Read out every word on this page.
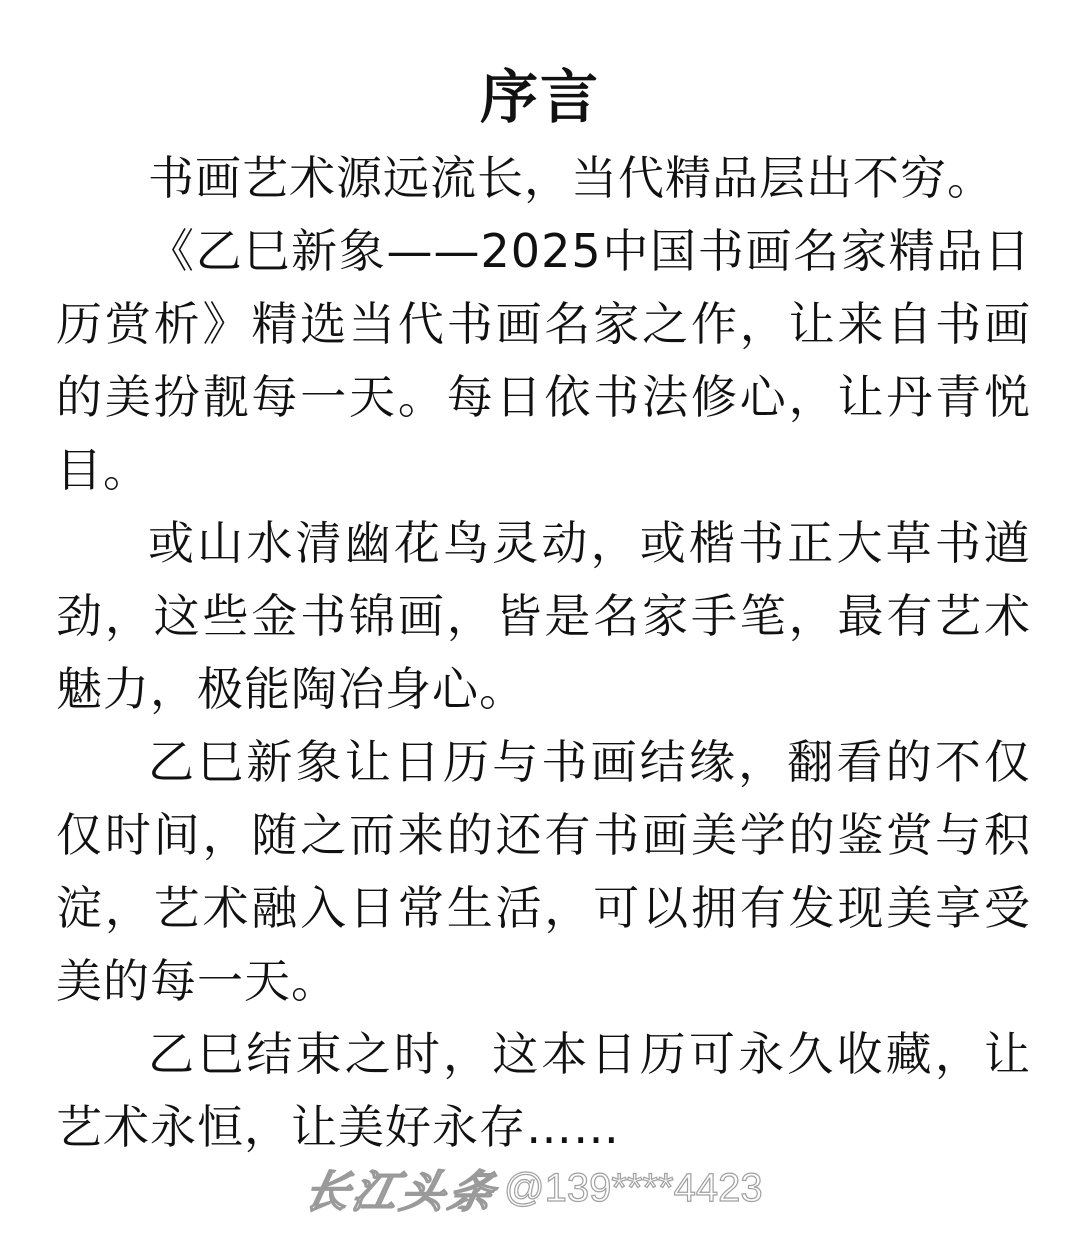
序言

书画艺术源远流长，当代精品层出不穷。

《乙巳新象——2025中国书画名家精品日历赏析》精选当代书画名家之作，让来自书画的美扮靓每一天。每日依书法修心，让丹青悦目。

或山水清幽花鸟灵动，或楷书正大草书遒劲，这些金书锦画，皆是名家手笔，最有艺术魅力，极能陶冶身心。

乙巳新象让日历与书画结缘，翻看的不仅仅时间，随之而来的还有书画美学的鉴赏与积淀，艺术融入日常生活，可以拥有发现美享受美的每一天。

乙巳结束之时，这本日历可永久收藏，让艺术永恒，让美好永存……

长江头条 @139****4423
